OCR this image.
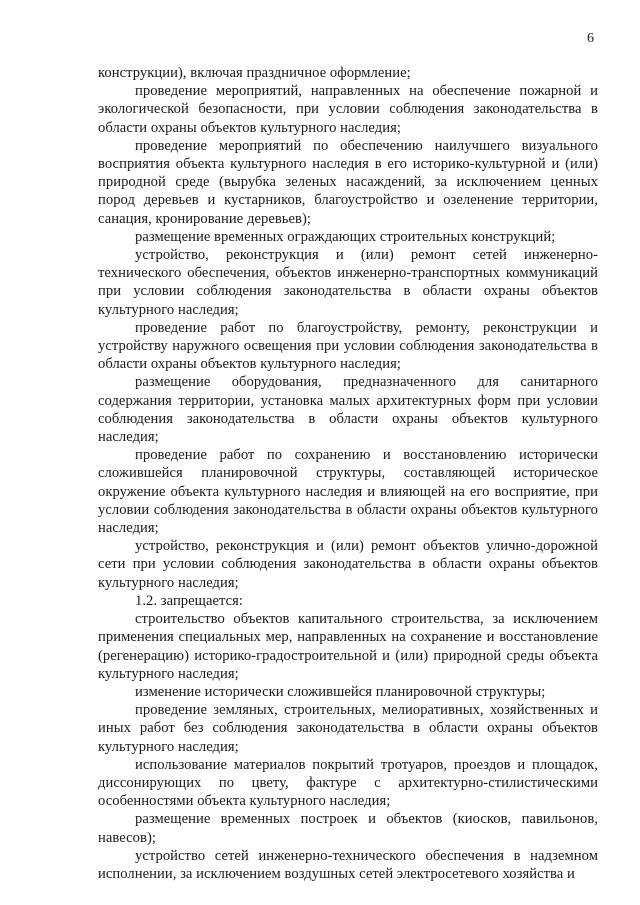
6

конструкции), включая праздничное оформление;

проведение мероприятий, направленных на обеспечение пожарной и экологической безопасности, при условии соблюдения законодательства в области охраны объектов культурного наследия;

проведение мероприятий по обеспечению наилучшего визуального восприятия объекта культурного наследия в его историко-культурной и (или) природной среде (вырубка зеленых насаждений, за исключением ценных пород деревьев и кустарников, благоустройство и озеленение территории, санация, кронирование деревьев);

размещение временных ограждающих строительных конструкций;

устройство, реконструкция и (или) ремонт сетей инженерно-технического обеспечения, объектов инженерно-транспортных коммуникаций при условии соблюдения законодательства в области охраны объектов культурного наследия;

проведение работ по благоустройству, ремонту, реконструкции и устройству наружного освещения при условии соблюдения законодательства в области охраны объектов культурного наследия;

размещение оборудования, предназначенного для санитарного содержания территории, установка малых архитектурных форм при условии соблюдения законодательства в области охраны объектов культурного наследия;

проведение работ по сохранению и восстановлению исторически сложившейся планировочной структуры, составляющей историческое окружение объекта культурного наследия и влияющей на его восприятие, при условии соблюдения законодательства в области охраны объектов культурного наследия;

устройство, реконструкция и (или) ремонт объектов улично-дорожной сети при условии соблюдения законодательства в области охраны объектов культурного наследия;

1.2. запрещается:

строительство объектов капитального строительства, за исключением применения специальных мер, направленных на сохранение и восстановление (регенерацию) историко-градостроительной и (или) природной среды объекта культурного наследия;

изменение исторически сложившейся планировочной структуры;

проведение земляных, строительных, мелиоративных, хозяйственных и иных работ без соблюдения законодательства в области охраны объектов культурного наследия;

использование материалов покрытий тротуаров, проездов и площадок, диссонирующих по цвету, фактуре с архитектурно-стилистическими особенностями объекта культурного наследия;

размещение временных построек и объектов (киосков, павильонов, навесов);

устройство сетей инженерно-технического обеспечения в надземном исполнении, за исключением воздушных сетей электросетевого хозяйства и
